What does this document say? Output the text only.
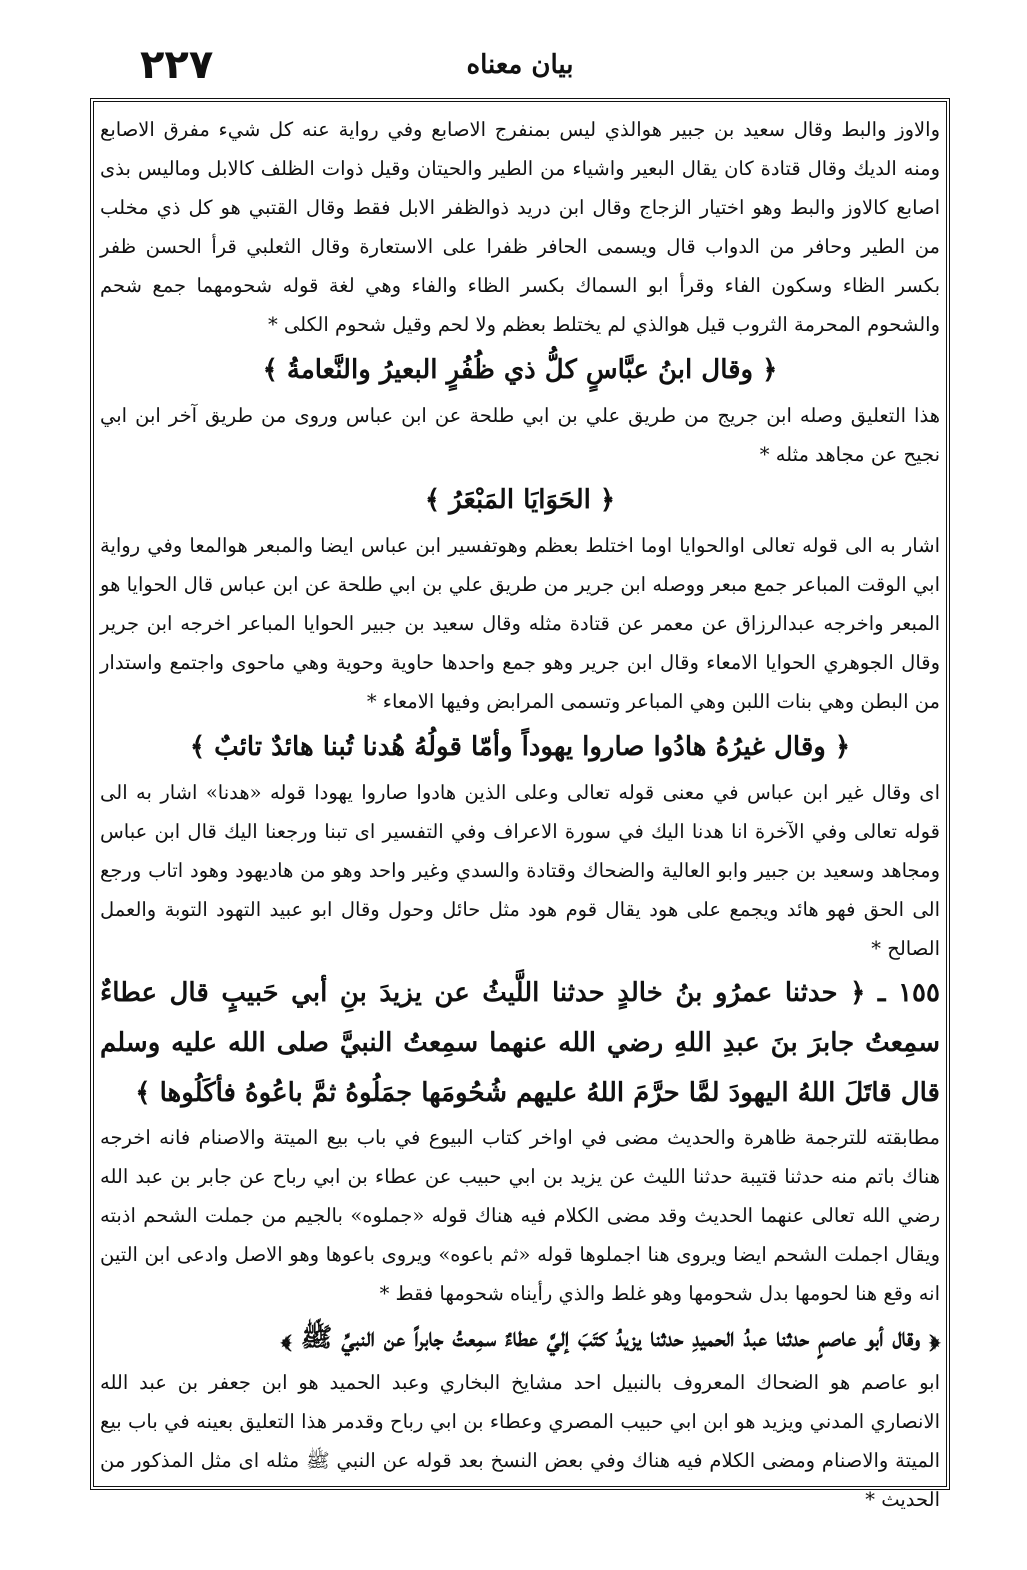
۲۲۷	بيان معناه

والاوز والبط وقال سعيد بن جبير هوالذي ليس بمنفرج الاصابع وفي رواية عنه كل شيء مفرق الاصابع ومنه الديك وقال قتادة كان يقال البعير واشياء من الطير والحيتان وقيل ذوات الظلف كالابل ومالیس بذی اصابع كالاوز والبط وهو اختيار الزجاج وقال ابن دريد ذوالظفر الابل فقط وقال القتبي هو كل ذي مخلب من الطير وحافر من الدواب قال ويسمى الحافر ظفرا على الاستعارة وقال الثعلبي قرأ الحسن ظفر بكسر الظاء وسكون الفاء وقرأ ابو السماك بكسر الظاء والفاء وهي لغة قوله شحومهما جمع شحم والشحوم المحرمة الثروب قيل هوالذي لم يختلط بعظم ولا لحم وقيل شحوم الكلى *

﴿ وقال ابنُ عبَّاسٍ كلُّ ذي ظُفُرٍ البعيرُ والنَّعامةُ ﴾

هذا التعليق وصله ابن جريج من طريق علي بن ابي طلحة عن ابن عباس وروى من طريق آخر ابن ابي نجيح عن مجاهد مثله *

﴿ الحَوَايَا المَبْعَرُ ﴾

اشار به الى قوله تعالى اوالحوايا اوما اختلط بعظم وهوتفسير ابن عباس ايضا والمبعر هوالمعا وفي رواية ابي الوقت المباعر جمع مبعر ووصله ابن جرير من طريق علي بن ابي طلحة عن ابن عباس قال الحوايا هو المبعر واخرجه عبدالرزاق عن معمر عن قتادة مثله وقال سعيد بن جبير الحوايا المباعر اخرجه ابن جرير وقال الجوهري الحوايا الامعاء وقال ابن جرير وهو جمع واحدها حاوية وحوية وهي ماحوى واجتمع واستدار من البطن وهي بنات اللبن وهي المباعر وتسمى المرابض وفيها الامعاء *

﴿ وقال غيرُهُ هادُوا صاروا يهوداً وأمّا قولُهُ هُدنا تُبنا هائدٌ تائبٌ ﴾

اى وقال غير ابن عباس في معنى قوله تعالى وعلى الذين هادوا صاروا يهودا قوله «هدنا» اشار به الى قوله تعالى وفي الآخرة انا هدنا اليك في سورة الاعراف وفي التفسير اى تبنا ورجعنا اليك قال ابن عباس ومجاهد وسعيد بن جبير وابو العالية والضحاك وقتادة والسدي وغير واحد وهو من هاديهود وهود اتاب ورجع الى الحق فهو هائد ويجمع على هود يقال قوم هود مثل حائل وحول وقال ابو عبيد التهود التوبة والعمل الصالح *

١٥٥ ـ ﴿ حدثنا عمرُو بنُ خالدٍ حدثنا اللَّيثُ عن يزيدَ بنِ أبي حَبيبٍ قال عطاءٌ سمِعتُ جابرَ بنَ عبدِ اللهِ رضي الله عنهما سمِعتُ النبيَّ صلى الله عليه وسلم قال قاتَلَ اللهُ اليهودَ لمَّا حرَّمَ اللهُ عليهم شُحُومَها جمَلُوهُ ثمَّ باعُوهُ فأكَلُوها ﴾

مطابقته للترجمة ظاهرة والحديث مضى في اواخر كتاب البيوع في باب بيع الميتة والاصنام فانه اخرجه هناك باتم منه حدثنا قتيبة حدثنا الليث عن يزيد بن ابي حبيب عن عطاء بن ابي رباح عن جابر بن عبد الله رضي الله تعالى عنهما الحديث وقد مضى الكلام فيه هناك قوله «جملوه» بالجيم من جملت الشحم اذبته ويقال اجملت الشحم ايضا ويروى هنا اجملوها قوله «ثم باعوه» ويروى باعوها وهو الاصل وادعى ابن التين انه وقع هنا لحومها بدل شحومها وهو غلط والذي رأيناه شحومها فقط *

﴿ وقال أبو عاصمٍ حدثنا عبدُ الحميدِ حدثنا يزيدُ كتَبَ إليَّ عطاءٌ سمِعتُ جابراً عن النبيِّ ﷺ ﴾

ابو عاصم هو الضحاك المعروف بالنبيل احد مشايخ البخاري وعبد الحميد هو ابن جعفر بن عبد الله الانصاري المدني ويزيد هو ابن ابي حبيب المصري وعطاء بن ابي رباح وقدمر هذا التعليق بعينه في باب بيع الميتة والاصنام ومضى الكلام فيه هناك وفي بعض النسخ بعد قوله عن النبي ﷺ مثله اى مثل المذكور من الحديث *
